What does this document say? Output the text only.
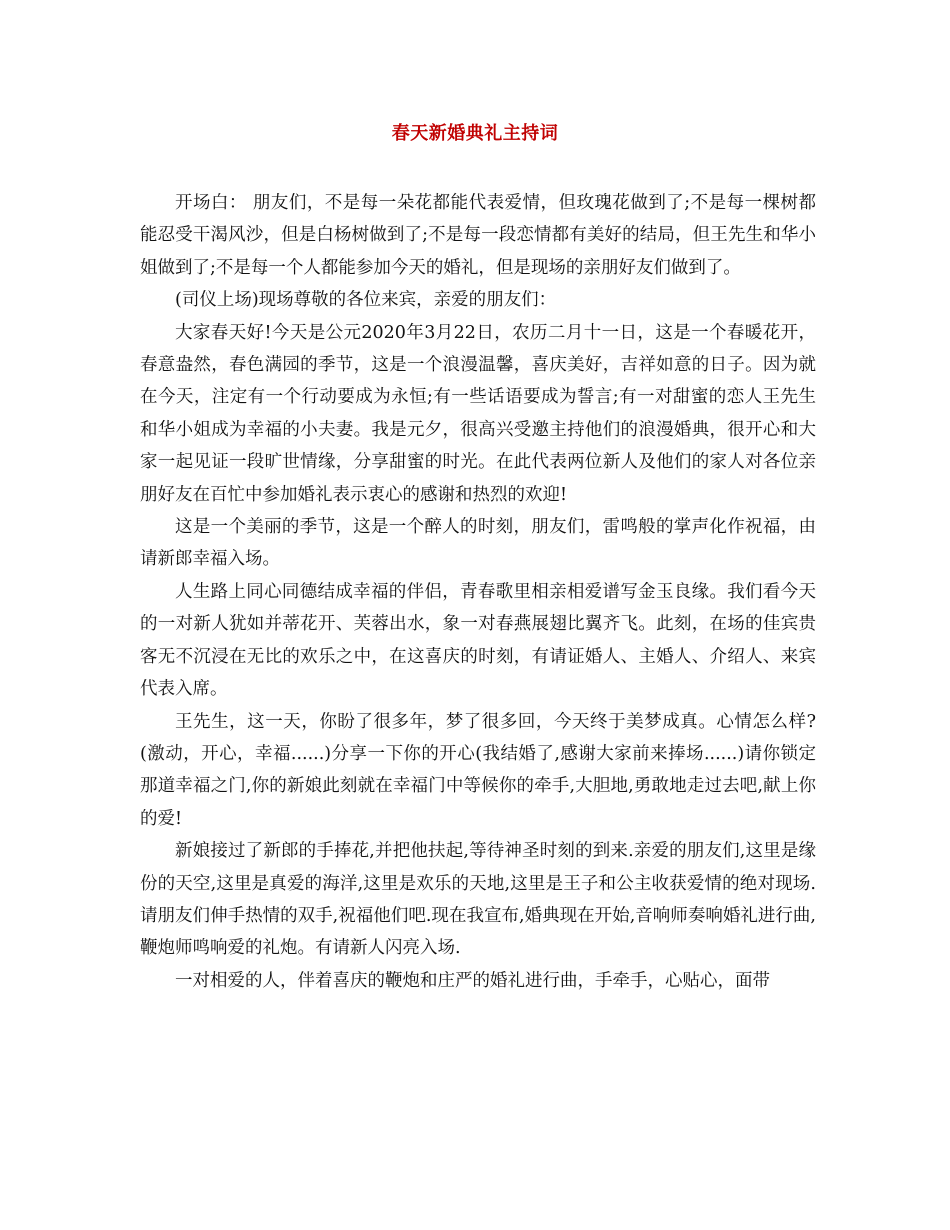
春天新婚典礼主持词

开场白： 朋友们，不是每一朵花都能代表爱情，但玫瑰花做到了;不是每一棵树都能忍受干渴风沙，但是白杨树做到了;不是每一段恋情都有美好的结局，但王先生和华小姐做到了;不是每一个人都能参加今天的婚礼，但是现场的亲朋好友们做到了。

(司仪上场)现场尊敬的各位来宾，亲爱的朋友们：

大家春天好!今天是公元2020年3月22日，农历二月十一日，这是一个春暖花开，春意盎然，春色满园的季节，这是一个浪漫温馨，喜庆美好，吉祥如意的日子。因为就在今天，注定有一个行动要成为永恒;有一些话语要成为誓言;有一对甜蜜的恋人王先生和华小姐成为幸福的小夫妻。我是元夕，很高兴受邀主持他们的浪漫婚典，很开心和大家一起见证一段旷世情缘，分享甜蜜的时光。在此代表两位新人及他们的家人对各位亲朋好友在百忙中参加婚礼表示衷心的感谢和热烈的欢迎!

这是一个美丽的季节，这是一个醉人的时刻，朋友们，雷鸣般的掌声化作祝福，由请新郎幸福入场。

人生路上同心同德结成幸福的伴侣，青春歌里相亲相爱谱写金玉良缘。我们看今天的一对新人犹如并蒂花开、芙蓉出水，象一对春燕展翅比翼齐飞。此刻，在场的佳宾贵客无不沉浸在无比的欢乐之中，在这喜庆的时刻，有请证婚人、主婚人、介绍人、来宾代表入席。

王先生，这一天，你盼了很多年，梦了很多回，今天终于美梦成真。心情怎么样?(激动，开心，幸福......)分享一下你的开心(我结婚了,感谢大家前来捧场......)请你锁定那道幸福之门,你的新娘此刻就在幸福门中等候你的牵手,大胆地,勇敢地走过去吧,献上你的爱!

新娘接过了新郎的手捧花,并把他扶起,等待神圣时刻的到来.亲爱的朋友们,这里是缘份的天空,这里是真爱的海洋,这里是欢乐的天地,这里是王子和公主收获爱情的绝对现场.请朋友们伸手热情的双手,祝福他们吧.现在我宣布,婚典现在开始,音响师奏响婚礼进行曲,鞭炮师鸣响爱的礼炮。有请新人闪亮入场.

一对相爱的人，伴着喜庆的鞭炮和庄严的婚礼进行曲，手牵手，心贴心，面带
